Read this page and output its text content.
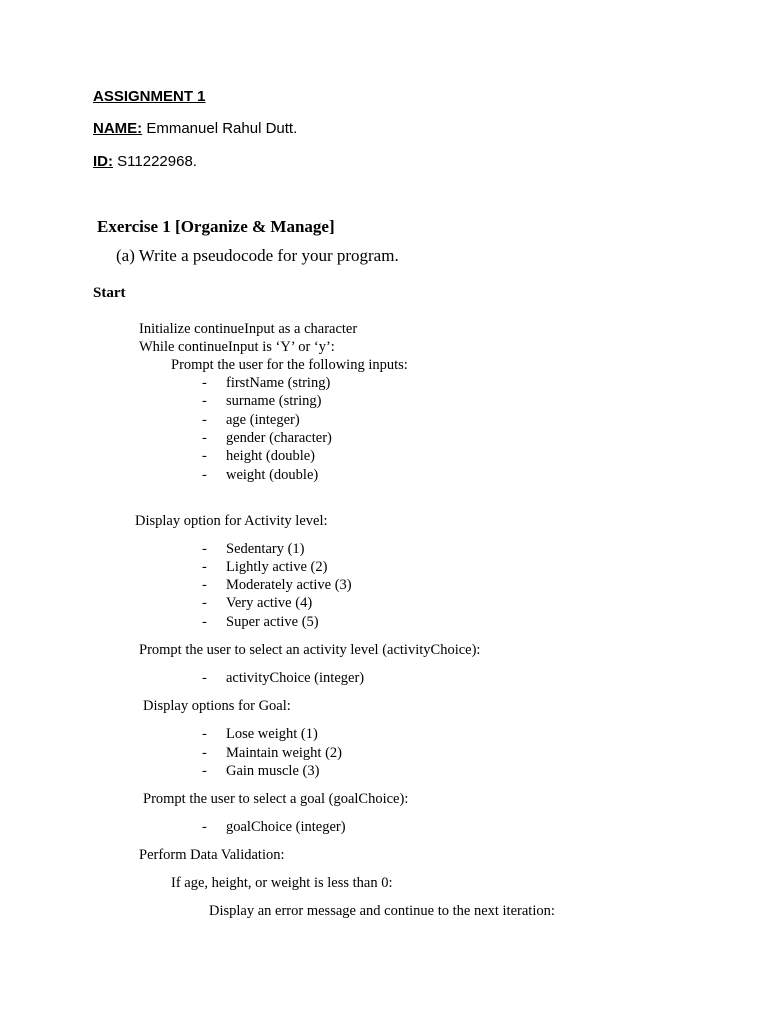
ASSIGNMENT 1
NAME: Emmanuel Rahul Dutt.
ID: S11222968.
Exercise 1 [Organize & Manage]
(a) Write a pseudocode for your program.
Start
Initialize continueInput as a character
While continueInput is ‘Y’ or ‘y’:
Prompt the user for the following inputs:
- firstName (string)
- surname (string)
- age (integer)
- gender (character)
- height (double)
- weight (double)
Display option for Activity level:
- Sedentary (1)
- Lightly active (2)
- Moderately active (3)
- Very active (4)
- Super active (5)
Prompt the user to select an activity level (activityChoice):
- activityChoice (integer)
Display options for Goal:
- Lose weight (1)
- Maintain weight (2)
- Gain muscle (3)
Prompt the user to select a goal (goalChoice):
- goalChoice (integer)
Perform Data Validation:
If age, height, or weight is less than 0:
Display an error message and continue to the next iteration:
